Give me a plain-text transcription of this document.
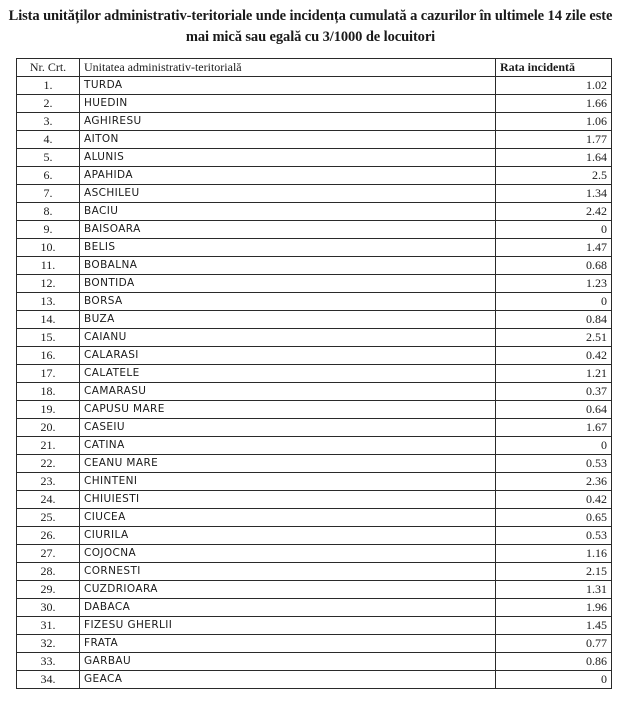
Lista unităților administrativ-teritoriale unde incidența cumulată a cazurilor în ultimele 14 zile este
mai mică sau egală cu 3/1000 de locuitori
Nr. Crt.	Unitatea administrativ-teritorială	Rata incidentă
1.	TURDA	1.02
2.	HUEDIN	1.66
3.	AGHIRESU	1.06
4.	AITON	1.77
5.	ALUNIS	1.64
6.	APAHIDA	2.5
7.	ASCHILEU	1.34
8.	BACIU	2.42
9.	BAISOARA	0
10.	BELIS	1.47
11.	BOBALNA	0.68
12.	BONTIDA	1.23
13.	BORSA	0
14.	BUZA	0.84
15.	CAIANU	2.51
16.	CALARASI	0.42
17.	CALATELE	1.21
18.	CAMARASU	0.37
19.	CAPUSU MARE	0.64
20.	CASEIU	1.67
21.	CATINA	0
22.	CEANU MARE	0.53
23.	CHINTENI	2.36
24.	CHIUIESTI	0.42
25.	CIUCEA	0.65
26.	CIURILA	0.53
27.	COJOCNA	1.16
28.	CORNESTI	2.15
29.	CUZDRIOARA	1.31
30.	DABACA	1.96
31.	FIZESU GHERLII	1.45
32.	FRATA	0.77
33.	GARBAU	0.86
34.	GEACA	0
